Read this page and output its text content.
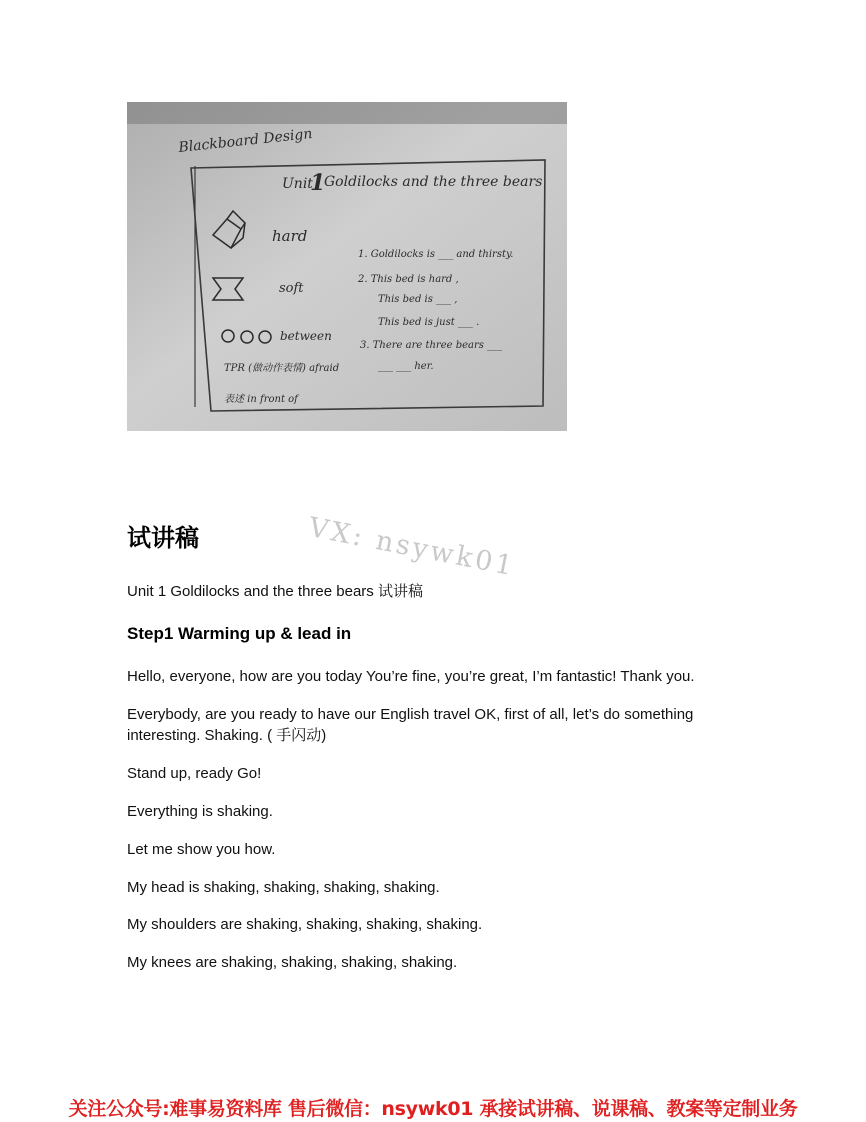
Blackboard Design
Unit
1
Goldilocks and the three bears
hard
soft
between
TPR (做动作表情) afraid
表述 in front of
1. Goldilocks is ___ and thirsty.
2. This bed is hard ,
This bed is ___ ,
This bed is just ___ .
3. There are three bears ___
___ ___ her.
VX: nsywk01
试讲稿
Unit 1 Goldilocks and the three bears 试讲稿
Step1 Warming up & lead in

Hello, everyone, how are you today You’re fine, you’re great, I’m fantastic! Thank you.

Everybody, are you ready to have our English travel OK, first of all, let’s do something interesting. Shaking. ( 手闪动)

Stand up, ready Go!

Everything is shaking.

Let me show you how.

My head is shaking, shaking, shaking, shaking.

My shoulders are shaking, shaking, shaking, shaking.

My knees are shaking, shaking, shaking, shaking.

关注公众号:难事易资料库 售后微信：nsywk01 承接试讲稿、说课稿、教案等定制业务
